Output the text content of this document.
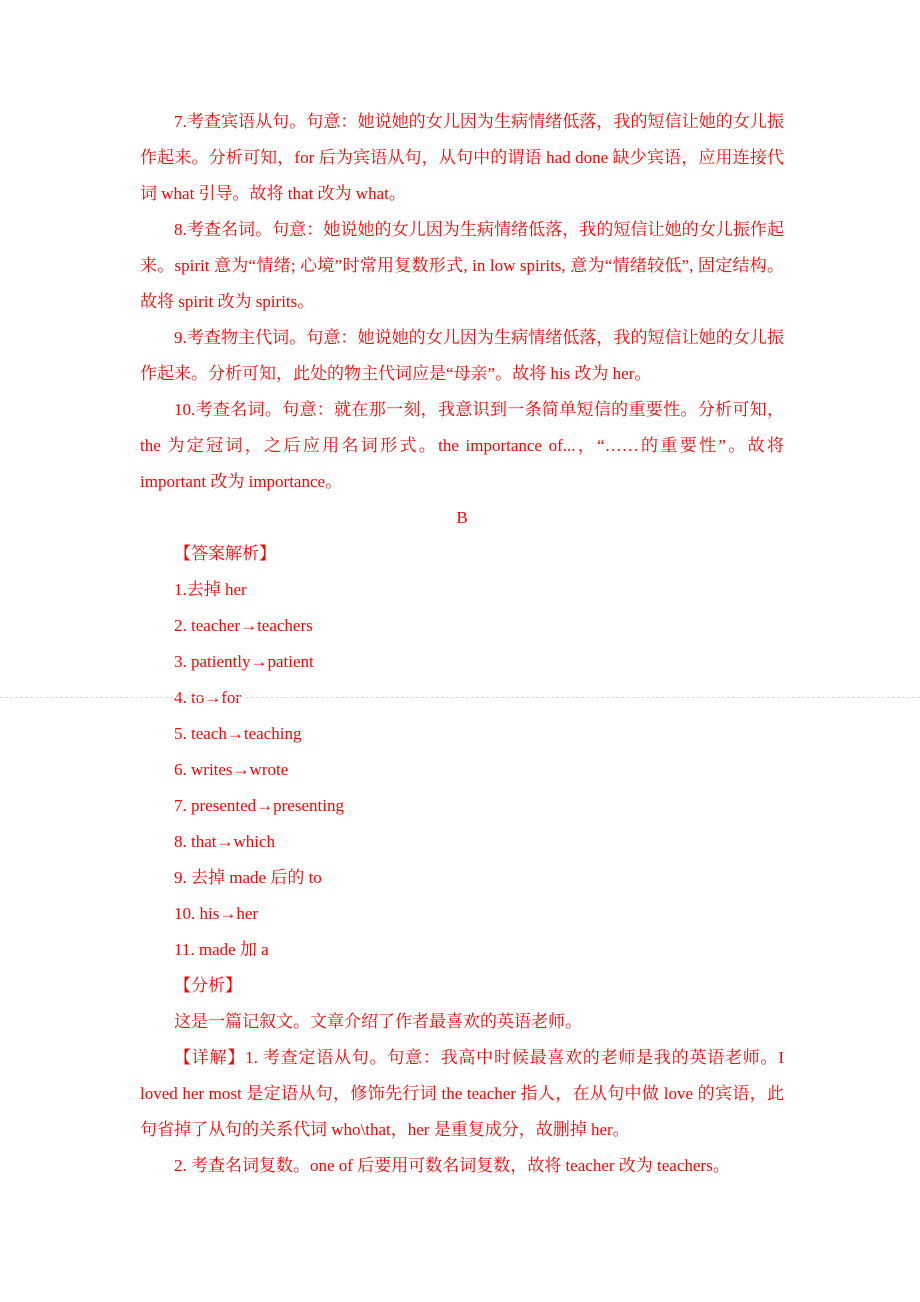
7.考查宾语从句。句意：她说她的女儿因为生病情绪低落，我的短信让她的女儿振作起来。分析可知，for 后为宾语从句，从句中的谓语 had done 缺少宾语，应用连接代词 what 引导。故将 that 改为 what。

8.考查名词。句意：她说她的女儿因为生病情绪低落，我的短信让她的女儿振作起来。spirit 意为“情绪; 心境”时常用复数形式, in low spirits, 意为“情绪较低”, 固定结构。故将 spirit 改为 spirits。

9.考查物主代词。句意：她说她的女儿因为生病情绪低落，我的短信让她的女儿振作起来。分析可知，此处的物主代词应是“母亲”。故将 his 改为 her。

10.考查名词。句意：就在那一刻，我意识到一条简单短信的重要性。分析可知，the 为定冠词，之后应用名词形式。the importance of...，“……的重要性”。故将 important 改为 importance。

B

【答案解析】

1.去掉 her

2. teacher→teachers

3. patiently→patient

4. to→for

5. teach→teaching

6. writes→wrote

7. presented→presenting

8. that→which

9. 去掉 made 后的 to

10. his→her

11. made 加 a

【分析】

这是一篇记叙文。文章介绍了作者最喜欢的英语老师。

【详解】1. 考查定语从句。句意：我高中时候最喜欢的老师是我的英语老师。I loved her most 是定语从句，修饰先行词 the teacher 指人，在从句中做 love 的宾语，此句省掉了从句的关系代词 who\that，her 是重复成分，故删掉 her。

2. 考查名词复数。one of 后要用可数名词复数，故将 teacher 改为 teachers。
